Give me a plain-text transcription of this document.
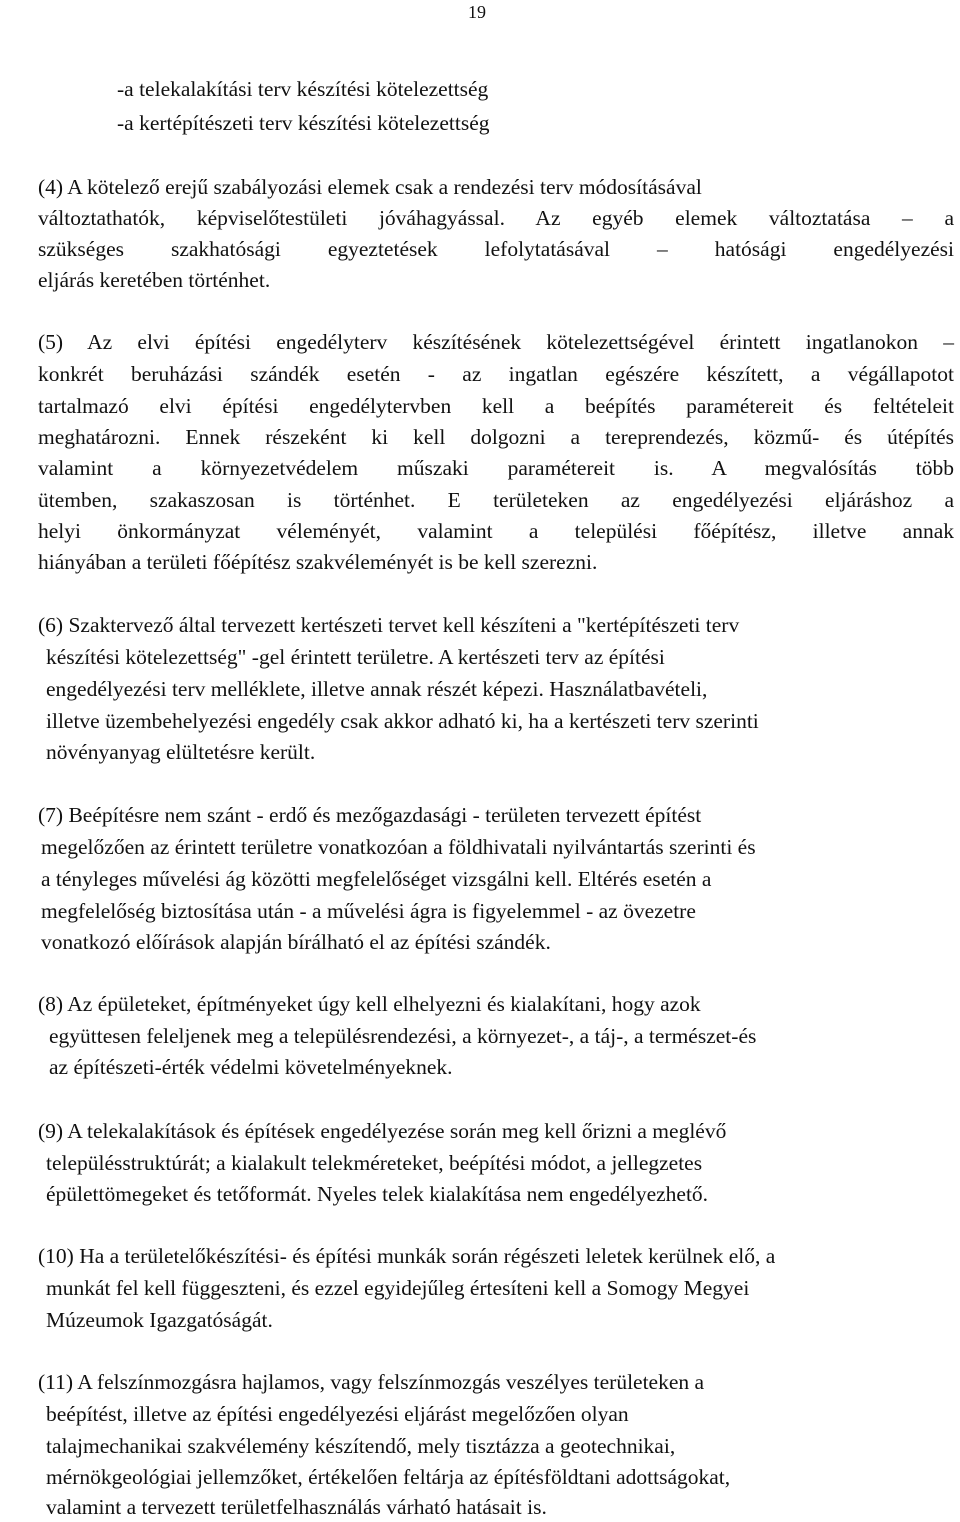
19
-a telekalakítási terv készítési kötelezettség
-a kertépítészeti terv készítési kötelezettség
(4) A kötelező erejű szabályozási elemek csak a rendezési terv módosításával
változtathatók, képviselőtestületi jóváhagyással. Az egyéb elemek változtatása – a
szükséges szakhatósági egyeztetések lefolytatásával – hatósági engedélyezési
eljárás keretében történhet.
(5) Az elvi építési engedélyterv készítésének kötelezettségével érintett ingatlanokon –
konkrét beruházási szándék esetén - az ingatlan egészére készített, a végállapotot
tartalmazó elvi építési engedélytervben kell a beépítés paramétereit és feltételeit
meghatározni. Ennek részeként ki kell dolgozni a tereprendezés, közmű- és útépítés
valamint a környezetvédelem műszaki paramétereit is. A megvalósítás több
ütemben, szakaszosan is történhet. E területeken az engedélyezési eljáráshoz a
helyi önkormányzat véleményét, valamint a települési főépítész, illetve annak
hiányában a területi főépítész szakvéleményét is be kell szerezni.
(6) Szaktervező által tervezett kertészeti tervet kell készíteni a "kertépítészeti terv
készítési kötelezettség" -gel érintett területre. A kertészeti terv az építési
engedélyezési terv melléklete, illetve annak részét képezi. Használatbavételi,
illetve üzembehelyezési engedély csak akkor adható ki, ha a kertészeti terv szerinti
növényanyag elültetésre került.
(7) Beépítésre nem szánt - erdő és mezőgazdasági - területen tervezett építést
megelőzően az érintett területre vonatkozóan a földhivatali nyilvántartás szerinti és
a tényleges művelési ág közötti megfelelőséget vizsgálni kell. Eltérés esetén a
megfelelőség biztosítása után - a művelési ágra is figyelemmel - az övezetre
vonatkozó előírások alapján bírálható el az építési szándék.
(8) Az épületeket, építményeket úgy kell elhelyezni és kialakítani, hogy azok
együttesen feleljenek meg a településrendezési, a környezet-, a táj-, a természet-és
az építészeti-érték védelmi követelményeknek.
(9) A telekalakítások és építések engedélyezése során meg kell őrizni a meglévő
településstruktúrát; a kialakult telekméreteket, beépítési módot, a jellegzetes
épülettömegeket és tetőformát. Nyeles telek kialakítása nem engedélyezhető.
(10) Ha a területelőkészítési- és építési munkák során régészeti leletek kerülnek elő, a
munkát fel kell függeszteni, és ezzel egyidejűleg értesíteni kell a Somogy Megyei
Múzeumok Igazgatóságát.
(11) A felszínmozgásra hajlamos, vagy felszínmozgás veszélyes területeken a
beépítést, illetve az építési engedélyezési eljárást megelőzően olyan
talajmechanikai szakvélemény készítendő, mely tisztázza a geotechnikai,
mérnökgeológiai jellemzőket, értékelően feltárja az építésföldtani adottságokat,
valamint a tervezett területfelhasználás várható hatásait is.
